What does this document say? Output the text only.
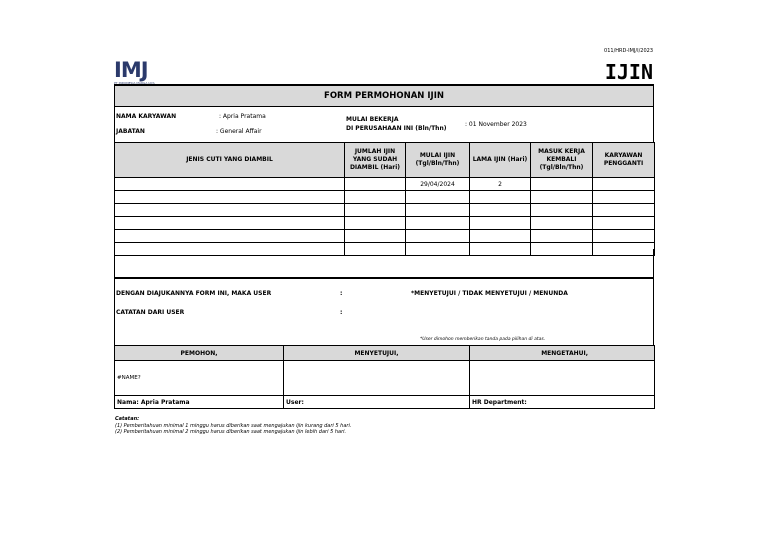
011/HRD-IMJ/I/2023
IMJ
PT INDONESIA MARGA JAYA	IJIN
FORM PERMOHONAN IJIN
NAMA KARYAWAN	: Apria Pratama
JABATAN	: General Affair
MULAI BEKERJA
DI PERUSAHAAN INI (Bln/Thn)
: 01 November 2023
JENIS CUTI YANG DIAMBIL	JUMLAH IJIN YANG SUDAH DIAMBIL (Hari)	MULAI IJIN (Tgl/Bln/Thn)	LAMA IJIN (Hari)	MASUK KERJA KEMBALI (Tgl/Bln/Thn)	KARYAWAN PENGGANTI
		29/04/2024	2		

DENGAN DIAJUKANNYA FORM INI, MAKA USER	:	*MENYETUJUI / TIDAK MENYETUJUI / MENUNDA
CATATAN DARI USER	:
*User dimohon memberikan tanda pada pilihan di atas.
PEMOHON,	MENYETUJUI,	MENGETAHUI,
#NAME?		
Nama: Apria Pratama	User:	HR Department:
Catatan:
(1) Pemberitahuan minimal 1 minggu harus diberikan saat mengajukan ijin kurang dari 5 hari.
(2) Pemberitahuan minimal 2 minggu harus diberikan saat mengajukan ijin lebih dari 5 hari.
